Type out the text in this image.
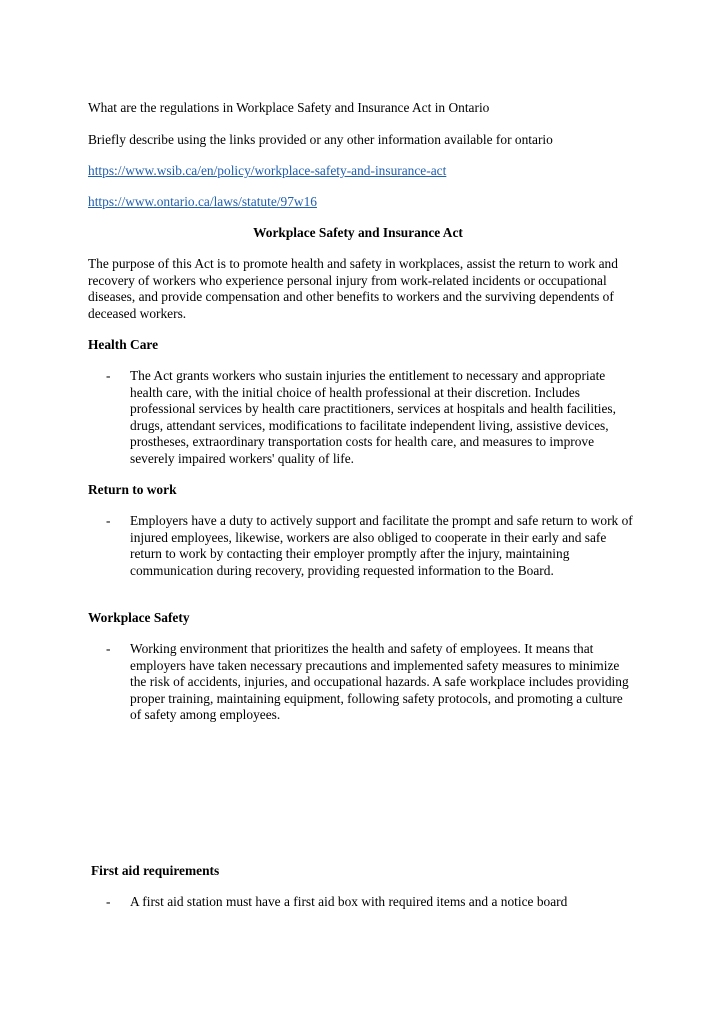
What are the regulations in Workplace Safety and Insurance Act in Ontario

Briefly describe using the links provided or any other information available for ontario

https://www.wsib.ca/en/policy/workplace-safety-and-insurance-act

https://www.ontario.ca/laws/statute/97w16

Workplace Safety and Insurance Act

The purpose of this Act is to promote health and safety in workplaces, assist the return to work and recovery of workers who experience personal injury from work-related incidents or occupational diseases, and provide compensation and other benefits to workers and the surviving dependents of deceased workers.

Health Care

- The Act grants workers who sustain injuries the entitlement to necessary and appropriate health care, with the initial choice of health professional at their discretion. Includes professional services by health care practitioners, services at hospitals and health facilities, drugs, attendant services, modifications to facilitate independent living, assistive devices, prostheses, extraordinary transportation costs for health care, and measures to improve severely impaired workers' quality of life.

Return to work

- Employers have a duty to actively support and facilitate the prompt and safe return to work of injured employees, likewise, workers are also obliged to cooperate in their early and safe return to work by contacting their employer promptly after the injury, maintaining communication during recovery, providing requested information to the Board.

Workplace Safety

- Working environment that prioritizes the health and safety of employees. It means that employers have taken necessary precautions and implemented safety measures to minimize the risk of accidents, injuries, and occupational hazards. A safe workplace includes providing proper training, maintaining equipment, following safety protocols, and promoting a culture of safety among employees.

First aid requirements

- A first aid station must have a first aid box with required items and a notice board
